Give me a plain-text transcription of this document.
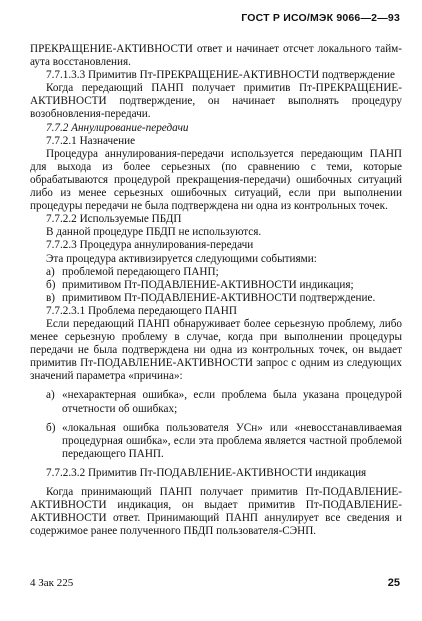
ГОСТ Р ИСО/МЭК 9066—2—93

ПРЕКРАЩЕНИЕ-АКТИВНОСТИ ответ и начинает отсчет локального тайм-аута восстановления.

7.7.1.3.3 Примитив Пт-ПРЕКРАЩЕНИЕ-АКТИВНОСТИ подтверждение

Когда передающий ПАНП получает примитив Пт-ПРЕКРАЩЕНИЕ-АКТИВНОСТИ подтверждение, он начинает выполнять процедуру возобновления-передачи.

7.7.2 Аннулирование-передачи

7.7.2.1 Назначение

Процедура аннулирования-передачи используется передающим ПАНП для выхода из более серьезных (по сравнению с теми, которые обрабатываются процедурой прекращения-передачи) ошибочных ситуаций либо из менее серьезных ошибочных ситуаций, если при выполнении процедуры передачи не была подтверждена ни одна из контрольных точек.

7.7.2.2 Используемые ПБДП

В данной процедуре ПБДП не используются.

7.7.2.3 Процедура аннулирования-передачи

Эта процедура активизируется следующими событиями:

а) проблемой передающего ПАНП;
б) примитивом Пт-ПОДАВЛЕНИЕ-АКТИВНОСТИ индикация;
в) примитивом Пт-ПОДАВЛЕНИЕ-АКТИВНОСТИ подтверждение.

7.7.2.3.1 Проблема передающего ПАНП

Если передающий ПАНП обнаруживает более серьезную проблему, либо менее серьезную проблему в случае, когда при выполнении процедуры передачи не была подтверждена ни одна из контрольных точек, он выдает примитив Пт-ПОДАВЛЕНИЕ-АКТИВНОСТИ запрос с одним из следующих значений параметра «причина»:

а) «нехарактерная ошибка», если проблема была указана процедурой отчетности об ошибках;
б) «локальная ошибка пользователя УСн» или «невосстанавливаемая процедурная ошибка», если эта проблема является частной проблемой передающего ПАНП.

7.7.2.3.2 Примитив Пт-ПОДАВЛЕНИЕ-АКТИВНОСТИ индикация

Когда принимающий ПАНП получает примитив Пт-ПОДАВЛЕНИЕ-АКТИВНОСТИ индикация, он выдает примитив Пт-ПОДАВЛЕНИЕ-АКТИВНОСТИ ответ. Принимающий ПАНП аннулирует все сведения и содержимое ранее полученного ПБДП пользователя-СЭНП.

4 Зак 225	25
